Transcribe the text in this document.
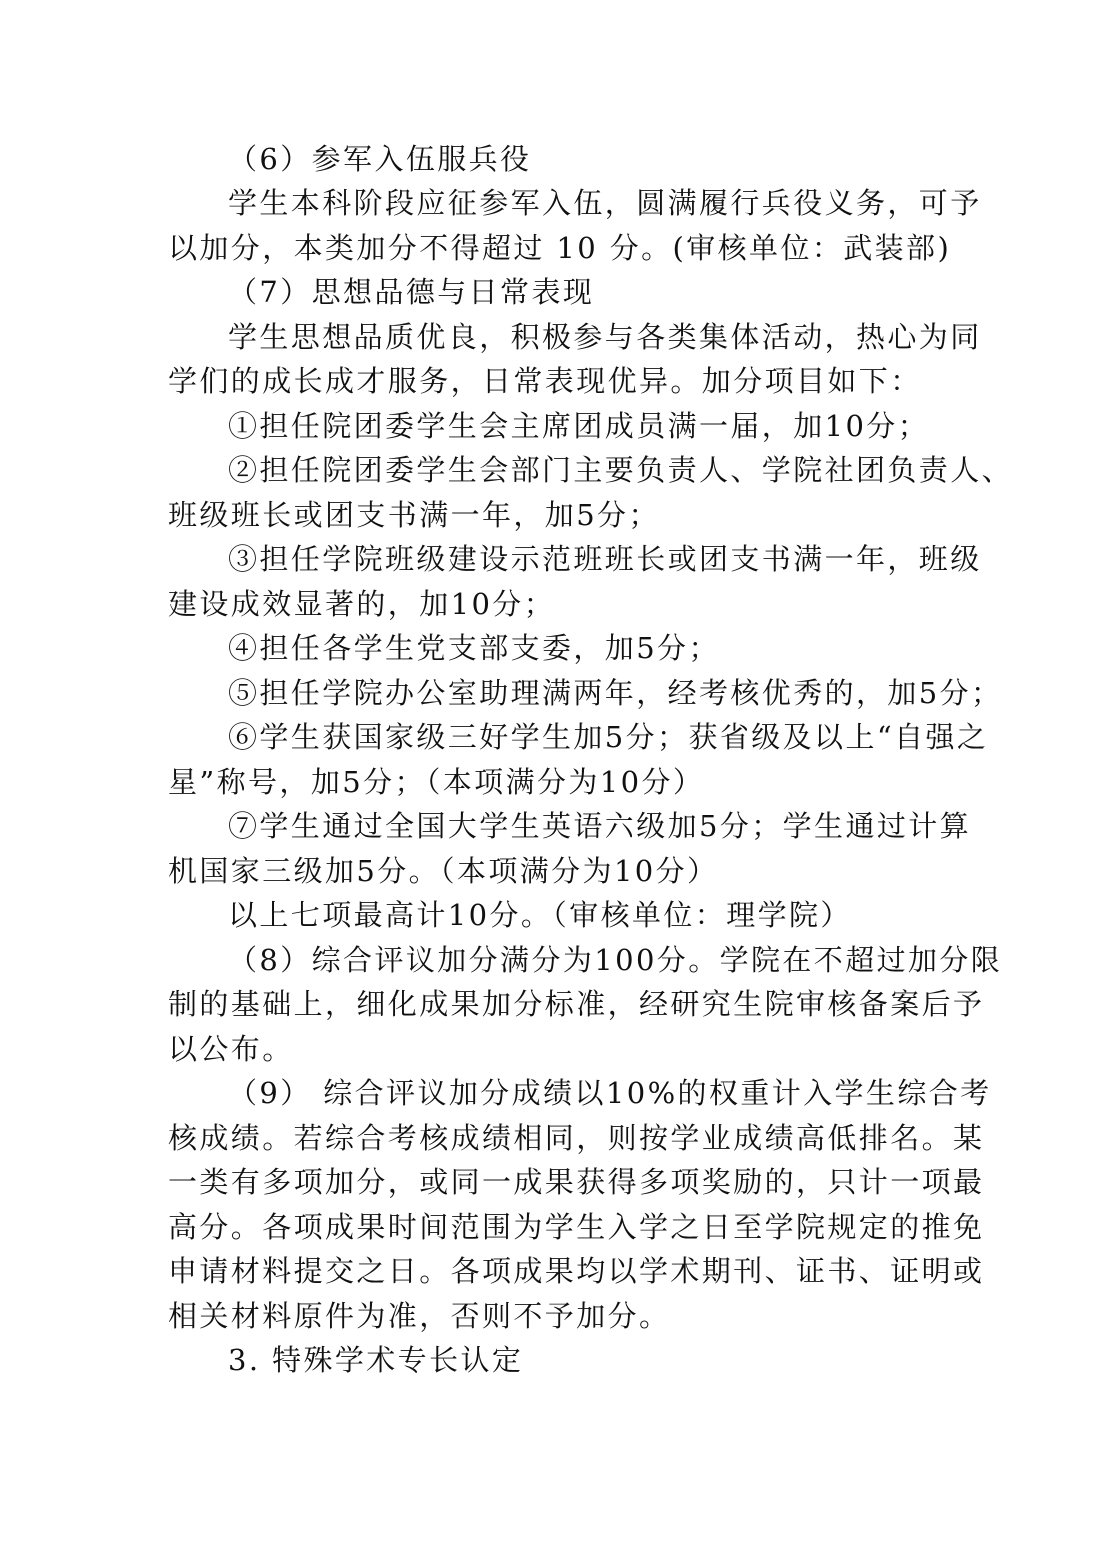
（6）参军入伍服兵役
学生本科阶段应征参军入伍，圆满履行兵役义务，可予
以加分，本类加分不得超过 10 分。(审核单位：武装部)
（7）思想品德与日常表现
学生思想品质优良，积极参与各类集体活动，热心为同
学们的成长成才服务，日常表现优异。加分项目如下：
①担任院团委学生会主席团成员满一届，加10分；
②担任院团委学生会部门主要负责人、学院社团负责人、
班级班长或团支书满一年，加5分；
③担任学院班级建设示范班班长或团支书满一年，班级
建设成效显著的，加10分；
④担任各学生党支部支委，加5分；
⑤担任学院办公室助理满两年，经考核优秀的，加5分；
⑥学生获国家级三好学生加5分；获省级及以上“自强之
星”称号，加5分；（本项满分为10分）
⑦学生通过全国大学生英语六级加5分；学生通过计算
机国家三级加5分。（本项满分为10分）
以上七项最高计10分。（审核单位：理学院）
（8）综合评议加分满分为100分。学院在不超过加分限
制的基础上，细化成果加分标准，经研究生院审核备案后予
以公布。
（9） 综合评议加分成绩以10%的权重计入学生综合考
核成绩。若综合考核成绩相同，则按学业成绩高低排名。某
一类有多项加分，或同一成果获得多项奖励的，只计一项最
高分。各项成果时间范围为学生入学之日至学院规定的推免
申请材料提交之日。各项成果均以学术期刊、证书、证明或
相关材料原件为准，否则不予加分。
3. 特殊学术专长认定
